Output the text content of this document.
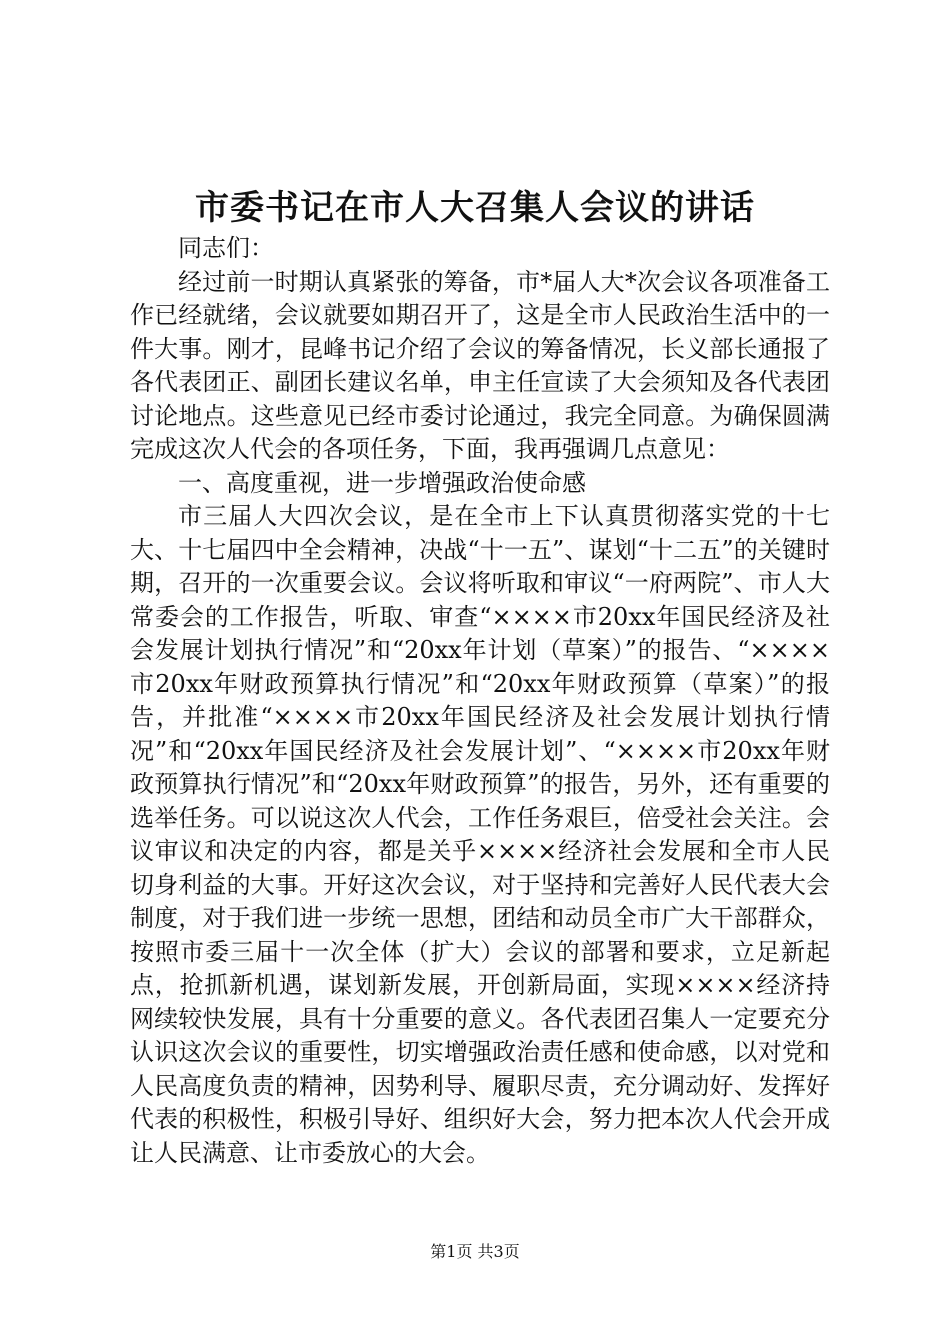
市委书记在市人大召集人会议的讲话

同志们：

经过前一时期认真紧张的筹备，市*届人大*次会议各项准备工作已经就绪，会议就要如期召开了，这是全市人民政治生活中的一件大事。刚才，昆峰书记介绍了会议的筹备情况，长义部长通报了各代表团正、副团长建议名单，申主任宣读了大会须知及各代表团讨论地点。这些意见已经市委讨论通过，我完全同意。为确保圆满完成这次人代会的各项任务，下面，我再强调几点意见：

一、高度重视，进一步增强政治使命感

市三届人大四次会议，是在全市上下认真贯彻落实党的十七大、十七届四中全会精神，决战“十一五”、谋划“十二五”的关键时期，召开的一次重要会议。会议将听取和审议“一府两院”、市人大常委会的工作报告，听取、审查“××××市20xx年国民经济及社会发展计划执行情况”和“20xx年计划（草案）”的报告、“××××市20xx年财政预算执行情况”和“20xx年财政预算（草案）”的报告，并批准“××××市20xx年国民经济及社会发展计划执行情况”和“20xx年国民经济及社会发展计划”、“××××市20xx年财政预算执行情况”和“20xx年财政预算”的报告，另外，还有重要的选举任务。可以说这次人代会，工作任务艰巨，倍受社会关注。会议审议和决定的内容，都是关乎××××经济社会发展和全市人民切身利益的大事。开好这次会议，对于坚持和完善好人民代表大会制度，对于我们进一步统一思想，团结和动员全市广大干部群众，按照市委三届十一次全体（扩大）会议的部署和要求，立足新起点，抢抓新机遇，谋划新发展，开创新局面，实现××××经济持网续较快发展，具有十分重要的意义。各代表团召集人一定要充分认识这次会议的重要性，切实增强政治责任感和使命感，以对党和人民高度负责的精神，因势利导、履职尽责，充分调动好、发挥好代表的积极性，积极引导好、组织好大会，努力把本次人代会开成让人民满意、让市委放心的大会。

第1页 共3页
